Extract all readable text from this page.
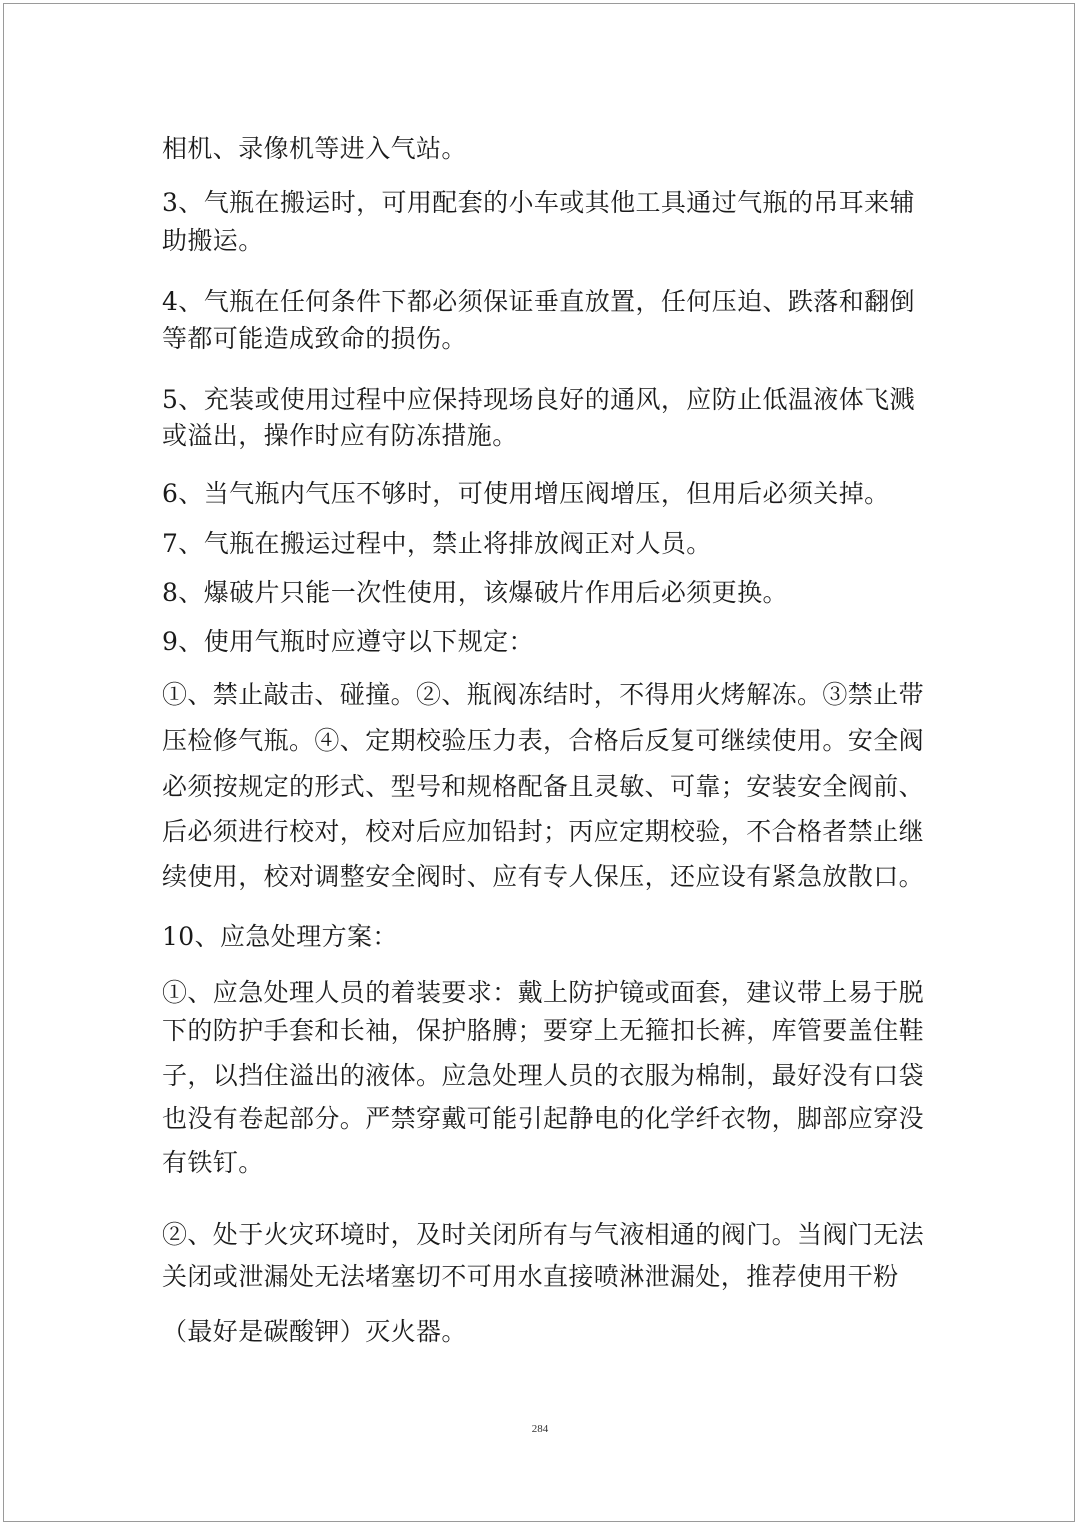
相机、录像机等进入气站。
3、气瓶在搬运时，可用配套的小车或其他工具通过气瓶的吊耳来辅
助搬运。
4、气瓶在任何条件下都必须保证垂直放置，任何压迫、跌落和翻倒
等都可能造成致命的损伤。
5、充装或使用过程中应保持现场良好的通风，应防止低温液体飞溅
或溢出，操作时应有防冻措施。
6、当气瓶内气压不够时，可使用增压阀增压，但用后必须关掉。
7、气瓶在搬运过程中，禁止将排放阀正对人员。
8、爆破片只能一次性使用，该爆破片作用后必须更换。
9、使用气瓶时应遵守以下规定：
①、禁止敲击、碰撞。②、瓶阀冻结时，不得用火烤解冻。③禁止带
压检修气瓶。④、定期校验压力表，合格后反复可继续使用。安全阀
必须按规定的形式、型号和规格配备且灵敏、可靠；安装安全阀前、
后必须进行校对，校对后应加铅封；丙应定期校验，不合格者禁止继
续使用，校对调整安全阀时、应有专人保压，还应设有紧急放散口。
10、应急处理方案：
①、应急处理人员的着装要求：戴上防护镜或面套，建议带上易于脱
下的防护手套和长袖，保护胳膊；要穿上无箍扣长裤，库管要盖住鞋
子，以挡住溢出的液体。应急处理人员的衣服为棉制，最好没有口袋
也没有卷起部分。严禁穿戴可能引起静电的化学纤衣物，脚部应穿没
有铁钉。
②、处于火灾环境时，及时关闭所有与气液相通的阀门。当阀门无法
关闭或泄漏处无法堵塞切不可用水直接喷淋泄漏处，推荐使用干粉
（最好是碳酸钾）灭火器。
284
